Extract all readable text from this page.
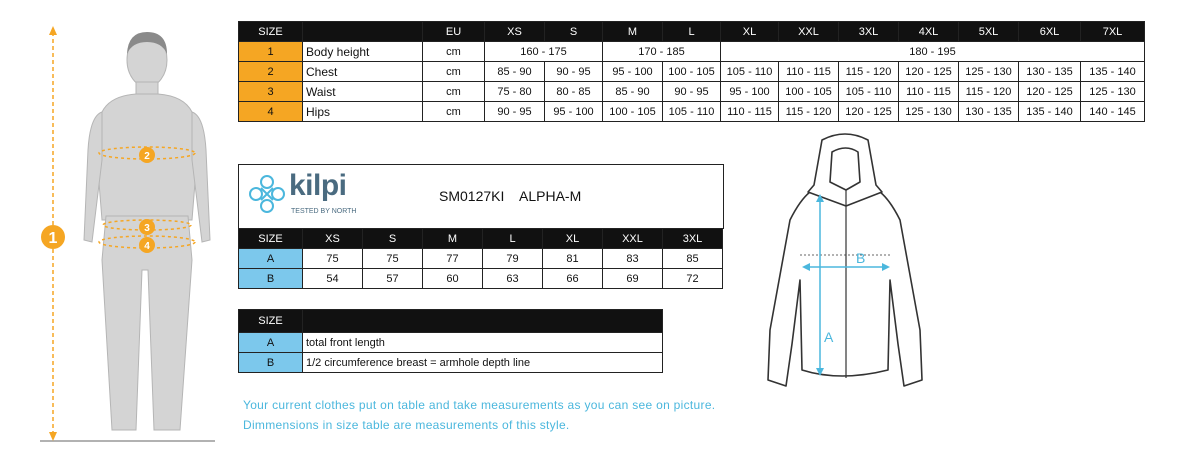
1
2
3
4
SIZE		EU	XS	S	M	L	XL	XXL	3XL	4XL	5XL	6XL	7XL
1	Body height	cm	160 - 175		170 - 185		180 - 195						
2	Chest	cm	85 - 90	90 - 95	95 - 100	100 - 105	105 - 110	110 - 115	115 - 120	120 - 125	125 - 130	130 - 135	135 - 140
3	Waist	cm	75 - 80	80 - 85	85 - 90	90 - 95	95 - 100	100 - 105	105 - 110	110 - 115	115 - 120	120 - 125	125 - 130
4	Hips	cm	90 - 95	95 - 100	100 - 105	105 - 110	110 - 115	115 - 120	120 - 125	125 - 130	130 - 135	135 - 140	140 - 145
kilpi
TESTED BY NORTH
SM0127KI ALPHA-M
SIZE	XS	S	M	L	XL	XXL	3XL
A	75	75	77	79	81	83	85
B	54	57	60	63	66	69	72
SIZE	
A	total front length
B	1/2 circumference breast = armhole depth line
Your current clothes put on table and take measurements as you can see on picture.
Dimmensions in size table are measurements of this style.
A
B
